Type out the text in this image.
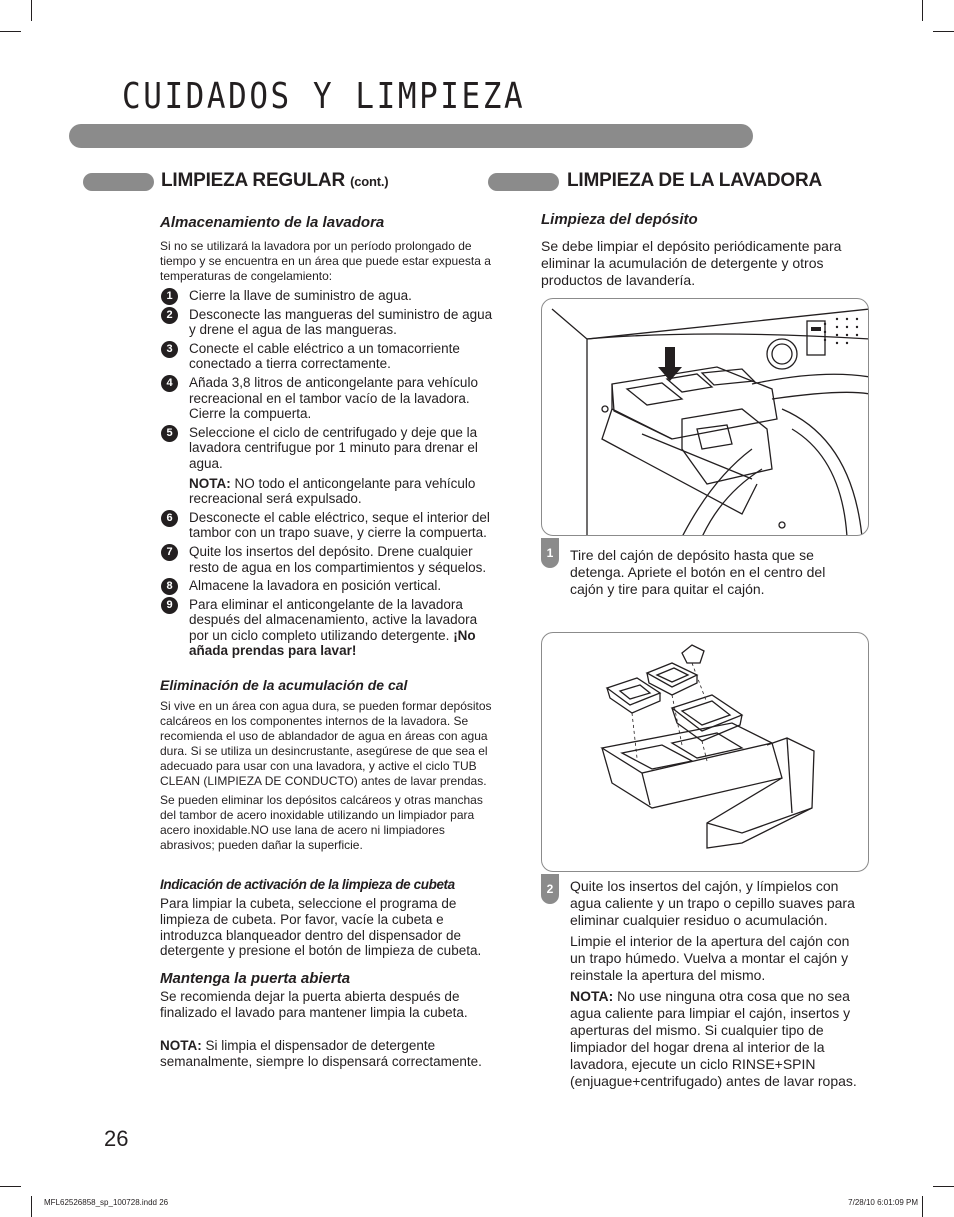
CUIDADOS Y LIMPIEZA
LIMPIEZA REGULAR (cont.)	LIMPIEZA DE LA LAVADORA
Almacenamiento de la lavadora

Si no se utilizará la lavadora por un período prolongado de tiempo y se encuentra en un área que puede estar expuesta a temperaturas de congelamiento:

1	Cierre la llave de suministro de agua.
2	Desconecte las mangueras del suministro de agua y drene el agua de las mangueras.
3	Conecte el cable eléctrico a un tomacorriente conectado a tierra correctamente.
4	Añada 3,8 litros de anticongelante para vehículo recreacional en el tambor vacío de la lavadora. Cierre la compuerta.
5	Seleccione el ciclo de centrifugado y deje que la lavadora centrifugue por 1 minuto para drenar el agua.
NOTA: NO todo el anticongelante para vehículo recreacional será expulsado.
6	Desconecte el cable eléctrico, seque el interior del tambor con un trapo suave, y cierre la compuerta.
7	Quite los insertos del depósito. Drene cualquier resto de agua en los compartimientos y séquelos.
8	Almacene la lavadora en posición vertical.
9	Para eliminar el anticongelante de la lavadora después del almacenamiento, active la lavadora por un ciclo completo utilizando detergente. ¡No añada prendas para lavar!
Eliminación de la acumulación de cal

Si vive en un área con agua dura, se pueden formar depósitos calcáreos en los componentes internos de la lavadora. Se recomienda el uso de ablandador de agua en áreas con agua dura. Si se utiliza un desincrustante, asegúrese de que sea el adecuado para usar con una lavadora, y active el ciclo TUB CLEAN (LIMPIEZA DE CONDUCTO) antes de lavar prendas.

Se pueden eliminar los depósitos calcáreos y otras manchas del tambor de acero inoxidable utilizando un limpiador para acero inoxidable.NO use lana de acero ni limpiadores abrasivos; pueden dañar la superficie.

Indicación de activación de la limpieza de cubeta

Para limpiar la cubeta, seleccione el programa de limpieza de cubeta. Por favor, vacíe la cubeta e introduzca blanqueador dentro del dispensador de detergente y presione el botón de limpieza de cubeta.

Mantenga la puerta abierta

Se recomienda dejar la puerta abierta después de finalizado el lavado para mantener limpia la cubeta.

NOTA: Si limpia el dispensador de detergente semanalmente, siempre lo dispensará correctamente.

26
Limpieza del depósito

Se debe limpiar el depósito periódicamente para eliminar la acumulación de detergente y otros productos de lavandería.

1	Tire del cajón de depósito hasta que se detenga. Apriete el botón en el centro del cajón y tire para quitar el cajón.

2	Quite los insertos del cajón, y límpielos con agua caliente y un trapo o cepillo suaves para eliminar cualquier residuo o acumulación.

Limpie el interior de la apertura del cajón con un trapo húmedo. Vuelva a montar el cajón y reinstale la apertura del mismo.

NOTA: No use ninguna otra cosa que no sea agua caliente para limpiar el cajón, insertos y aperturas del mismo. Si cualquier tipo de limpiador del hogar drena al interior de la lavadora, ejecute un ciclo RINSE+SPIN (enjuague+centrifugado) antes de lavar ropas.

MFL62526858_sp_100728.indd 26	7/28/10 6:01:09 PM
